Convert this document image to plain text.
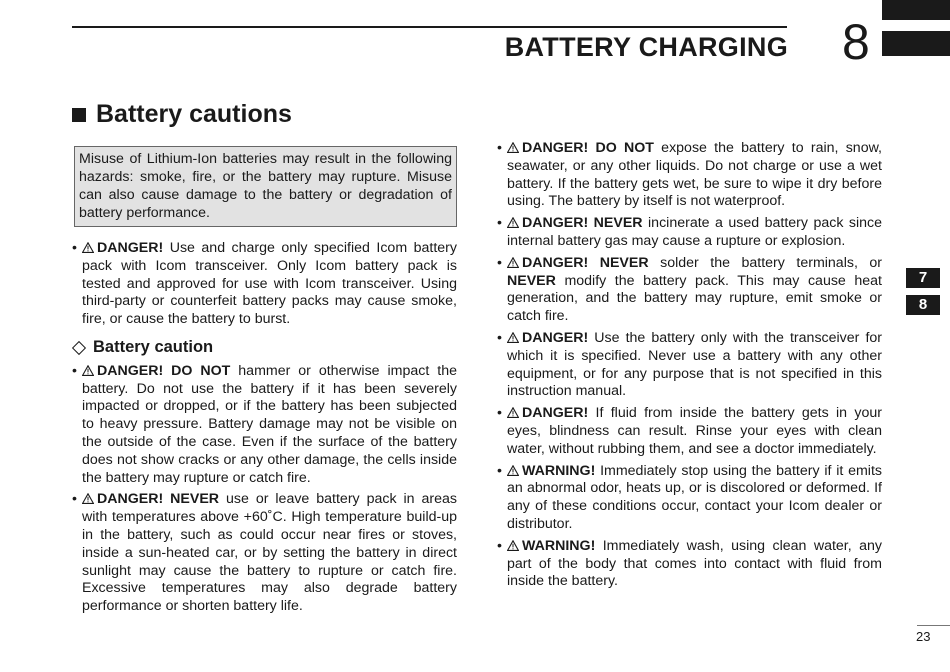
BATTERY CHARGING 8
Battery cautions
Misuse of Lithium-Ion batteries may result in the following hazards: smoke, fire, or the battery may rupture. Misuse can also cause damage to the battery or degradation of battery performance.
• DANGER! Use and charge only specified Icom battery pack with Icom transceiver. Only Icom battery pack is tested and approved for use with Icom transceiver. Using third-party or counterfeit battery packs may cause smoke, fire, or cause the battery to burst.
Battery caution
• DANGER! DO NOT hammer or otherwise impact the battery. Do not use the battery if it has been severely impacted or dropped, or if the battery has been subjected to heavy pressure. Battery damage may not be visible on the outside of the case. Even if the surface of the battery does not show cracks or any other damage, the cells inside the battery may rupture or catch fire.
• DANGER! NEVER use or leave battery pack in areas with temperatures above +60˚C. High temperature build-up in the battery, such as could occur near fires or stoves, inside a sun-heated car, or by setting the battery in direct sunlight may cause the battery to rupture or catch fire. Excessive temperatures may also degrade battery performance or shorten battery life.
• DANGER! DO NOT expose the battery to rain, snow, seawater, or any other liquids. Do not charge or use a wet battery. If the battery gets wet, be sure to wipe it dry before using. The battery by itself is not waterproof.
• DANGER! NEVER incinerate a used battery pack since internal battery gas may cause a rupture or explosion.
• DANGER! NEVER solder the battery terminals, or NEVER modify the battery pack. This may cause heat generation, and the battery may rupture, emit smoke or catch fire.
• DANGER! Use the battery only with the transceiver for which it is specified. Never use a battery with any other equipment, or for any purpose that is not specified in this instruction manual.
• DANGER! If fluid from inside the battery gets in your eyes, blindness can result. Rinse your eyes with clean water, without rubbing them, and see a doctor immediately.
• WARNING! Immediately stop using the battery if it emits an abnormal odor, heats up, or is discolored or deformed. If any of these conditions occur, contact your Icom dealer or distributor.
• WARNING! Immediately wash, using clean water, any part of the body that comes into contact with fluid from inside the battery.
7
8
23
